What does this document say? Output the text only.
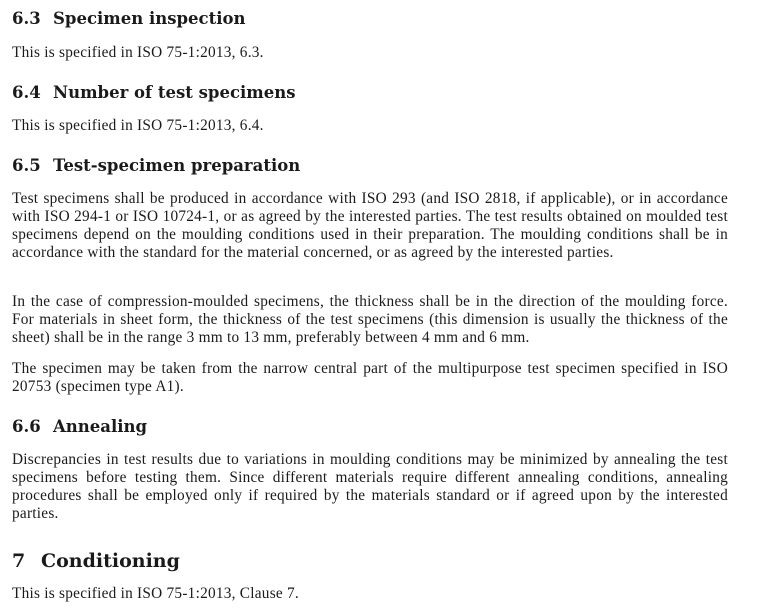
6.3 Specimen inspection

This is specified in ISO 75-1:2013, 6.3.

6.4 Number of test specimens

This is specified in ISO 75-1:2013, 6.4.

6.5 Test-specimen preparation

Test specimens shall be produced in accordance with ISO 293 (and ISO 2818, if applicable), or in accordance with ISO 294-1 or ISO 10724-1, or as agreed by the interested parties. The test results obtained on moulded test specimens depend on the moulding conditions used in their preparation. The moulding conditions shall be in accordance with the standard for the material concerned, or as agreed by the interested parties.

In the case of compression-moulded specimens, the thickness shall be in the direction of the moulding force. For materials in sheet form, the thickness of the test specimens (this dimension is usually the thickness of the sheet) shall be in the range 3 mm to 13 mm, preferably between 4 mm and 6 mm.

The specimen may be taken from the narrow central part of the multipurpose test specimen specified in ISO 20753 (specimen type A1).

6.6 Annealing

Discrepancies in test results due to variations in moulding conditions may be minimized by annealing the test specimens before testing them. Since different materials require different annealing conditions, annealing procedures shall be employed only if required by the materials standard or if agreed upon by the interested parties.

7 Conditioning

This is specified in ISO 75-1:2013, Clause 7.
